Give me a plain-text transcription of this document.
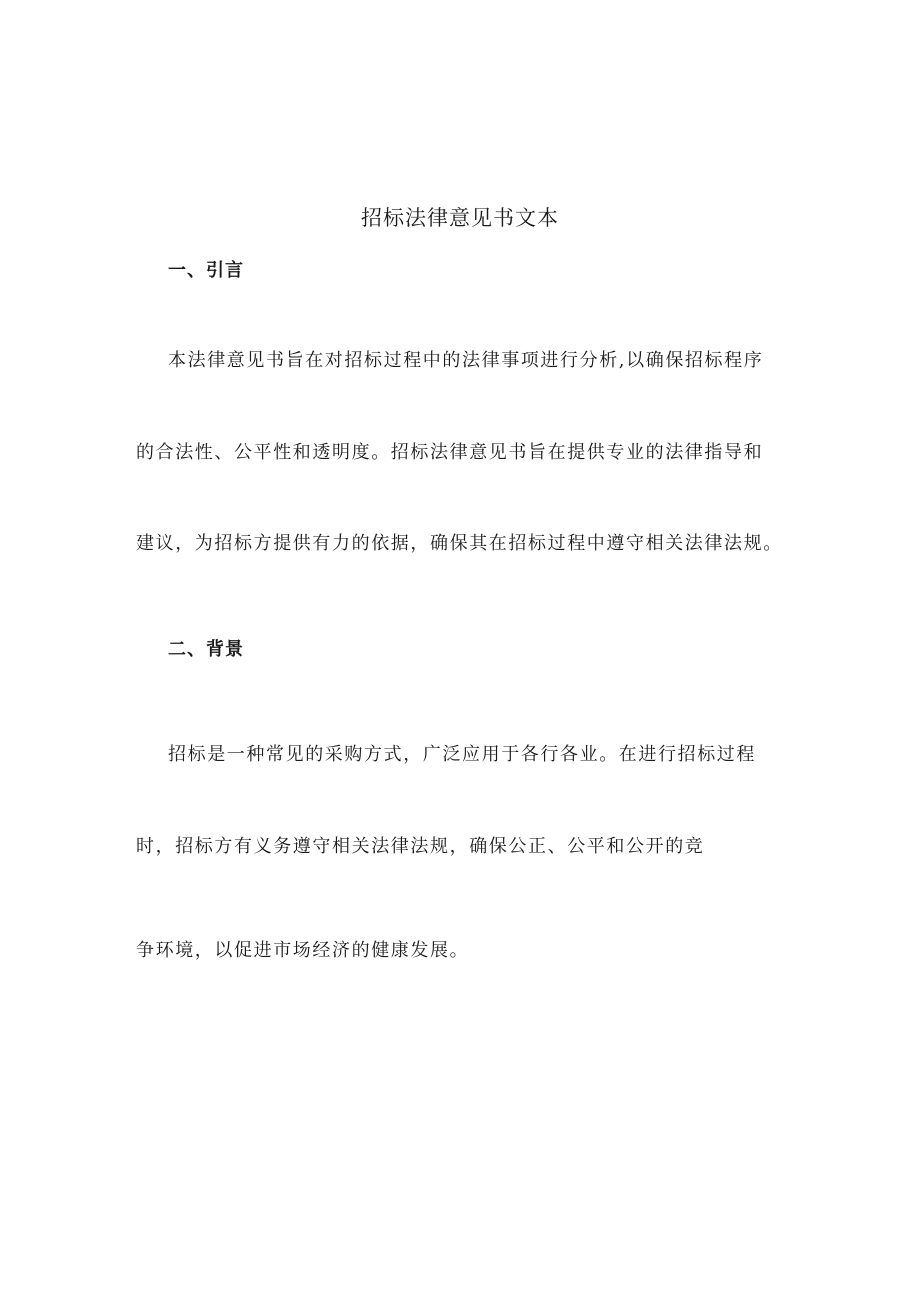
招标法律意见书文本
一、引言
本法律意见书旨在对招标过程中的法律事项进行分析,以确保招标程序
的合法性、公平性和透明度。招标法律意见书旨在提供专业的法律指导和
建议，为招标方提供有力的依据，确保其在招标过程中遵守相关法律法规。
二、背景
招标是一种常见的采购方式，广泛应用于各行各业。在进行招标过程
时，招标方有义务遵守相关法律法规，确保公正、公平和公开的竞
争环境，以促进市场经济的健康发展。
